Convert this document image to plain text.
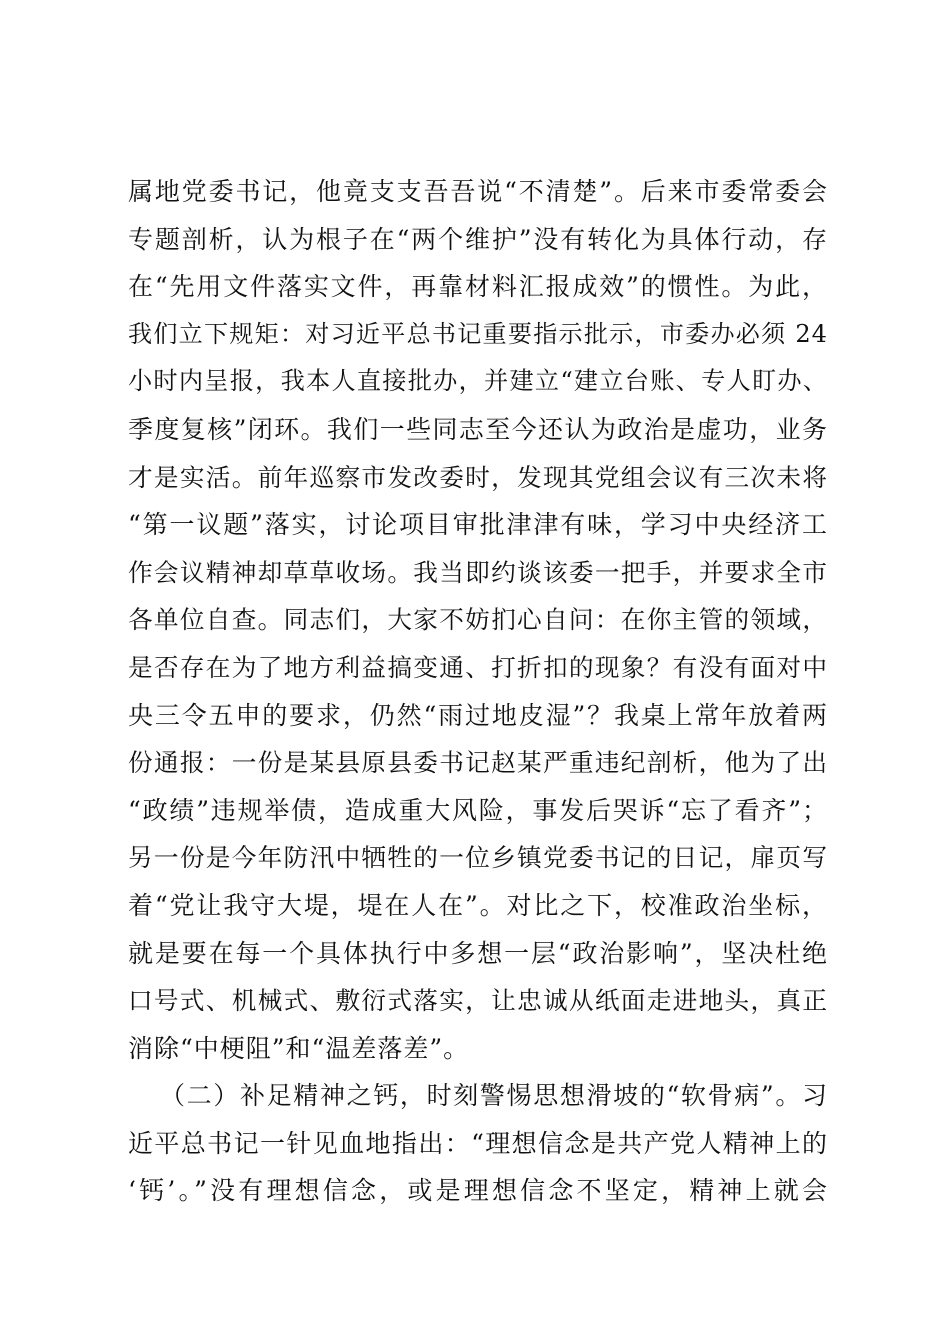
属地党委书记，他竟支支吾吾说“不清楚”。后来市委常委会
专题剖析，认为根子在“两个维护”没有转化为具体行动，存
在“先用文件落实文件，再靠材料汇报成效”的惯性。为此，
我们立下规矩：对习近平总书记重要指示批示，市委办必须 24
小时内呈报，我本人直接批办，并建立“建立台账、专人盯办、
季度复核”闭环。我们一些同志至今还认为政治是虚功，业务
才是实活。前年巡察市发改委时，发现其党组会议有三次未将
“第一议题”落实，讨论项目审批津津有味，学习中央经济工
作会议精神却草草收场。我当即约谈该委一把手，并要求全市
各单位自查。同志们，大家不妨扪心自问：在你主管的领域，
是否存在为了地方利益搞变通、打折扣的现象？有没有面对中
央三令五申的要求，仍然“雨过地皮湿”？我桌上常年放着两
份通报：一份是某县原县委书记赵某严重违纪剖析，他为了出
“政绩”违规举债，造成重大风险，事发后哭诉“忘了看齐”；
另一份是今年防汛中牺牲的一位乡镇党委书记的日记，扉页写
着“党让我守大堤，堤在人在”。对比之下，校准政治坐标，
就是要在每一个具体执行中多想一层“政治影响”，坚决杜绝
口号式、机械式、敷衍式落实，让忠诚从纸面走进地头，真正
消除“中梗阻”和“温差落差”。
（二）补足精神之钙，时刻警惕思想滑坡的“软骨病”。习
近平总书记一针见血地指出：“理想信念是共产党人精神上的
‘钙’。”没有理想信念，或是理想信念不坚定，精神上就会
